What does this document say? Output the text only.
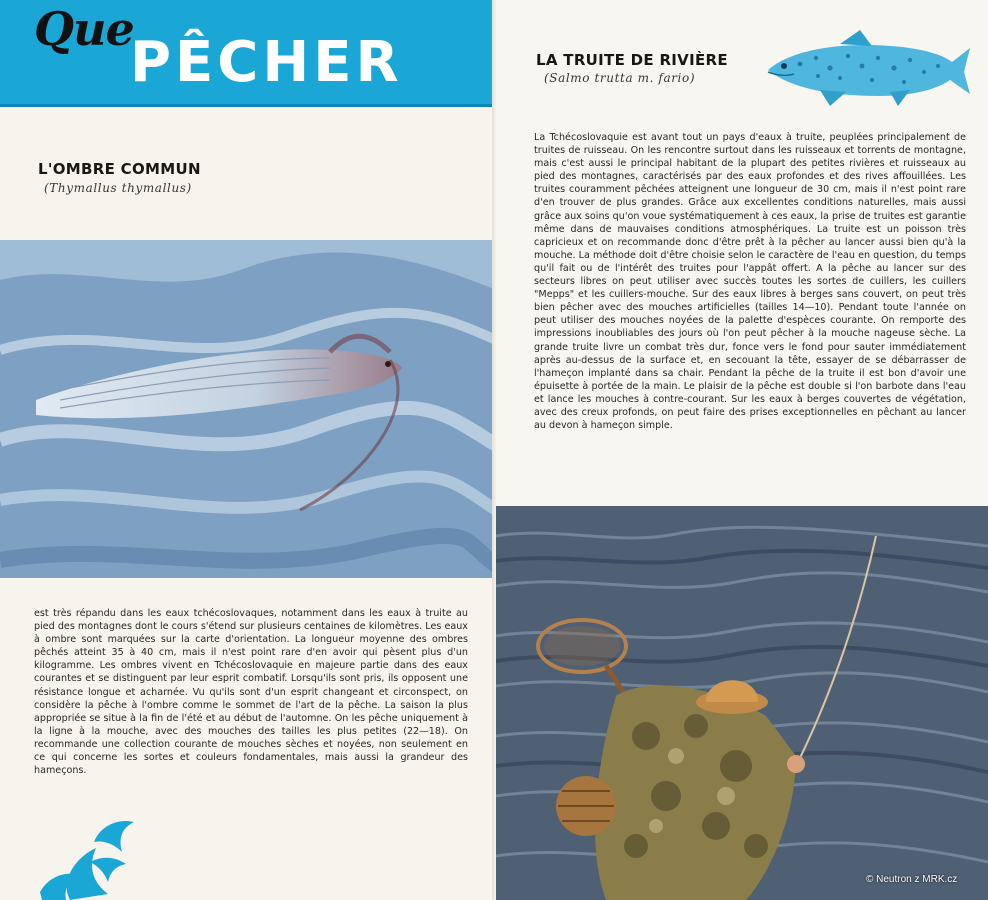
Que
PÊCHER
L'OMBRE COMMUN
(Thymallus thymallus)
est très répandu dans les eaux tchécoslovaques, notamment dans les eaux à truite au pied des montagnes dont le cours s'étend sur plusieurs centaines de kilomètres. Les eaux à ombre sont marquées sur la carte d'orientation. La longueur moyenne des ombres pêchés atteint 35 à 40 cm, mais il n'est point rare d'en avoir qui pèsent plus d'un kilogramme. Les ombres vivent en Tchécoslovaquie en majeure partie dans des eaux courantes et se distinguent par leur esprit combatif. Lorsqu'ils sont pris, ils opposent une résistance longue et acharnée. Vu qu'ils sont d'un esprit changeant et circonspect, on considère la pêche à l'ombre comme le sommet de l'art de la pêche. La saison la plus appropriée se situe à la fin de l'été et au début de l'automne. On les pêche uniquement à la ligne à la mouche, avec des mouches des tailles les plus petites (22—18). On recommande une collection courante de mouches sèches et noyées, non seulement en ce qui concerne les sortes et couleurs fondamentales, mais aussi la grandeur des hameçons.
LA TRUITE DE RIVIÈRE
(Salmo trutta m. fario)
La Tchécoslovaquie est avant tout un pays d'eaux à truite, peuplées principalement de truites de ruisseau. On les rencontre surtout dans les ruisseaux et torrents de montagne, mais c'est aussi le principal habitant de la plupart des petites rivières et ruisseaux au pied des montagnes, caractérisés par des eaux profondes et des rives affouillées. Les truites couramment pêchées atteignent une longueur de 30 cm, mais il n'est point rare d'en trouver de plus grandes. Grâce aux excellentes conditions naturelles, mais aussi grâce aux soins qu'on voue systématiquement à ces eaux, la prise de truites est garantie même dans de mauvaises conditions atmosphériques. La truite est un poisson très capricieux et on recommande donc d'être prêt à la pêcher au lancer aussi bien qu'à la mouche. La méthode doit d'être choisie selon le caractère de l'eau en question, du temps qu'il fait ou de l'intérêt des truites pour l'appât offert. A la pêche au lancer sur des secteurs libres on peut utiliser avec succès toutes les sortes de cuillers, les cuillers "Mepps" et les cuillers-mouche. Sur des eaux libres à berges sans couvert, on peut très bien pêcher avec des mouches artificielles (tailles 14—10). Pendant toute l'année on peut utiliser des mouches noyées de la palette d'espèces courante. On remporte des impressions inoubliables des jours où l'on peut pêcher à la mouche nageuse sèche. La grande truite livre un combat très dur, fonce vers le fond pour sauter immédiatement après au-dessus de la surface et, en secouant la tête, essayer de se débarrasser de l'hameçon implanté dans sa chair. Pendant la pêche de la truite il est bon d'avoir une épuisette à portée de la main. Le plaisir de la pêche est double si l'on barbote dans l'eau et lance les mouches à contre-courant. Sur les eaux à berges couvertes de végétation, avec des creux profonds, on peut faire des prises exceptionnelles en pêchant au lancer au devon à hameçon simple.
© Neutron z MRK.cz
